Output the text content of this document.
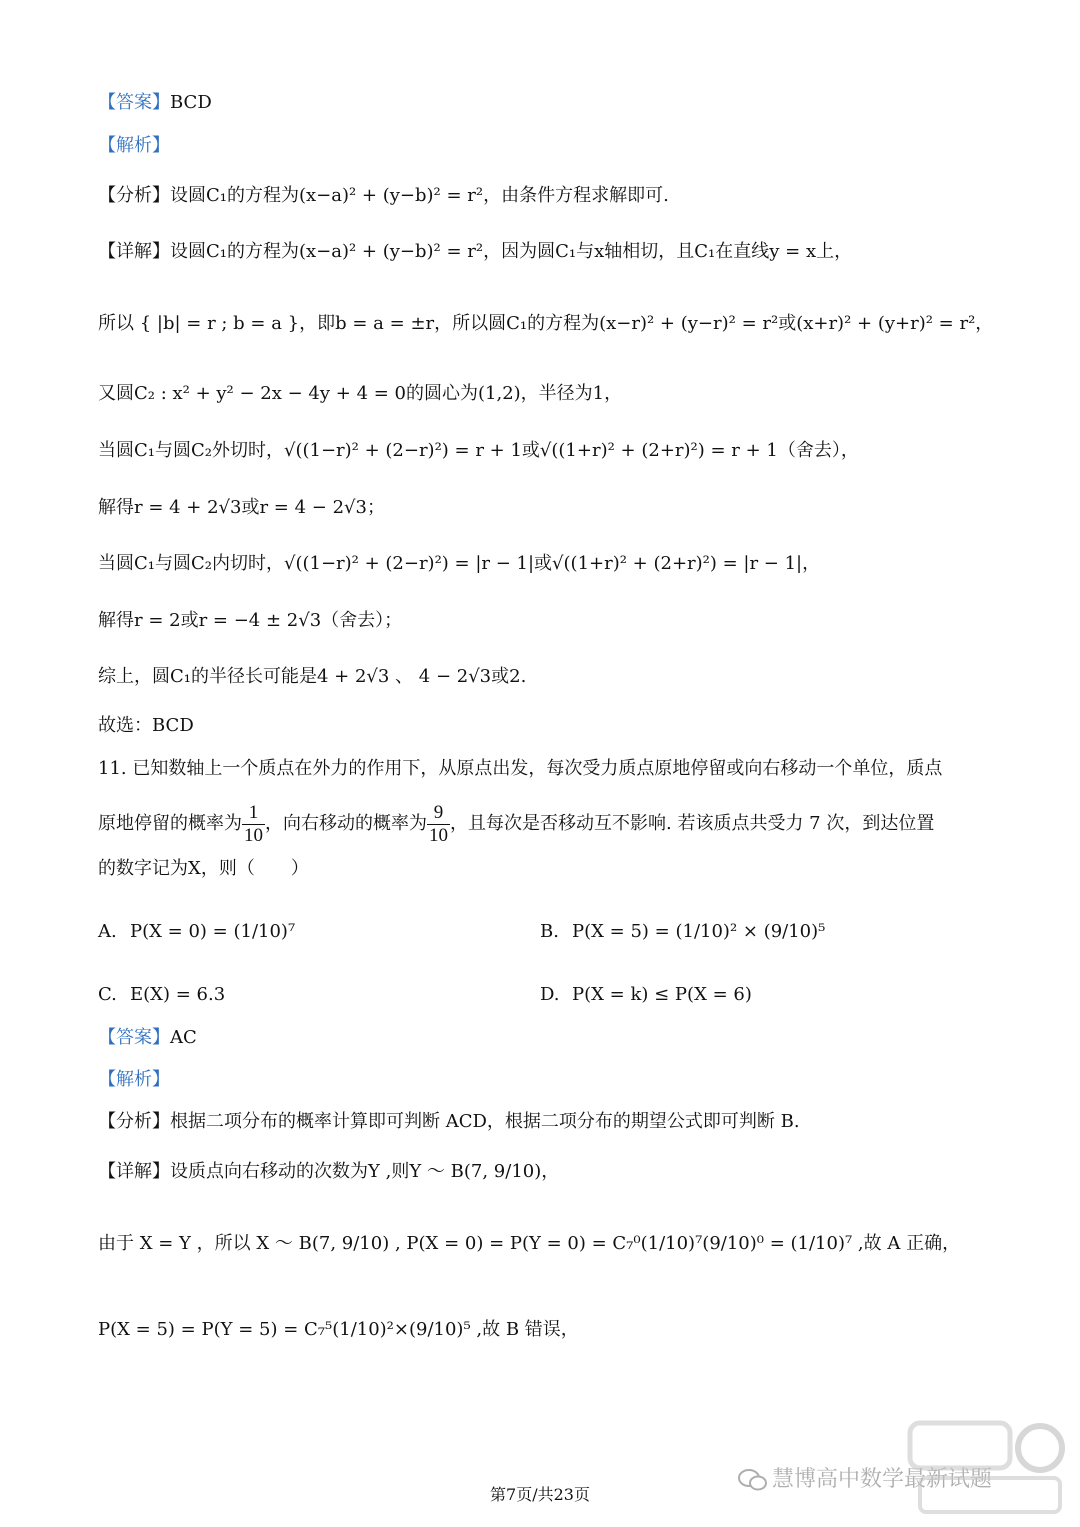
【答案】BCD
【解析】
【分析】设圆C₁的方程为(x−a)² + (y−b)² = r²，由条件方程求解即可.
【详解】设圆C₁的方程为(x−a)² + (y−b)² = r²，因为圆C₁与x轴相切，且C₁在直线y = x上，
所以 { |b| = r ; b = a }，即b = a = ±r，所以圆C₁的方程为(x−r)² + (y−r)² = r²或(x+r)² + (y+r)² = r²，
又圆C₂ : x² + y² − 2x − 4y + 4 = 0的圆心为(1,2)，半径为1，
当圆C₁与圆C₂外切时，√((1−r)² + (2−r)²) = r + 1或√((1+r)² + (2+r)²) = r + 1（舍去），
解得r = 4 + 2√3或r = 4 − 2√3；
当圆C₁与圆C₂内切时，√((1−r)² + (2−r)²) = |r − 1|或√((1+r)² + (2+r)²) = |r − 1|，
解得r = 2或r = −4 ± 2√3（舍去）；
综上，圆C₁的半径长可能是4 + 2√3 、 4 − 2√3或2.
故选：BCD
11. 已知数轴上一个质点在外力的作用下，从原点出发，每次受力质点原地停留或向右移动一个单位，质点
原地停留的概率为 $\frac{1}{10}$ ，向右移动的概率为 $\frac{9}{10}$ ，且每次是否移动互不影响. 若该质点共受力 7 次，到达位置
的数字记为X，则（　　）
A. P(X = 0) = (1/10)⁷	B. P(X = 5) = (1/10)² × (9/10)⁵
C. E(X) = 6.3	D. P(X = k) ≤ P(X = 6)
【答案】AC
【解析】
【分析】根据二项分布的概率计算即可判断 ACD，根据二项分布的期望公式即可判断 B.
【详解】设质点向右移动的次数为Y ,则Y ～ B(7, 9/10)，
由于 X = Y ，所以 X ～ B(7, 9/10) , P(X = 0) = P(Y = 0) = C₇⁰(1/10)⁷(9/10)⁰ = (1/10)⁷ ,故 A 正确，
P(X = 5) = P(Y = 5) = C₇⁵(1/10)²×(9/10)⁵ ,故 B 错误，
慧博高中数学最新试题
第7页/共23页
